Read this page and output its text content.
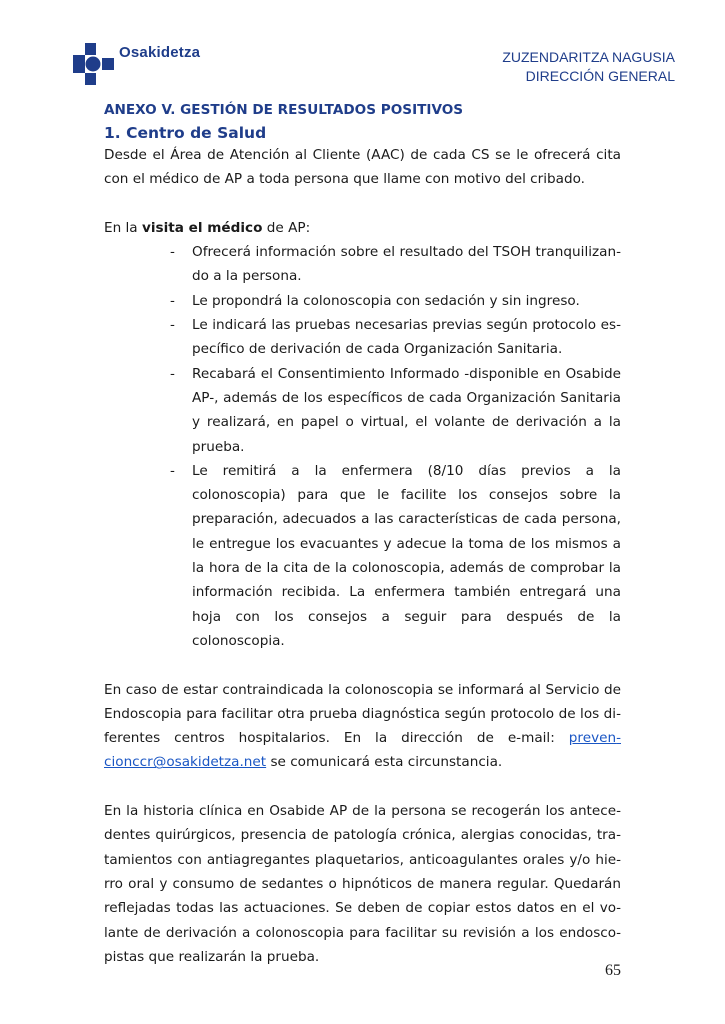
Osakidetza	ZUZENDARITZA NAGUSIA
DIRECCIÓN GENERAL
ANEXO V. GESTIÓN DE RESULTADOS POSITIVOS
1. Centro de Salud

Desde el Área de Atención al Cliente (AAC) de cada CS se le ofrecerá cita con el médico de AP a toda persona que llame con motivo del cribado.

En la visita el médico de AP:

- Ofrecerá información sobre el resultado del TSOH tranquilizando a la persona.
- Le propondrá la colonoscopia con sedación y sin ingreso.
- Le indicará las pruebas necesarias previas según protocolo específico de derivación de cada Organización Sanitaria.
- Recabará el Consentimiento Informado -disponible en Osabide AP-, además de los específicos de cada Organización Sanitaria y realizará, en papel o virtual, el volante de derivación a la prueba.
- Le remitirá a la enfermera (8/10 días previos a la colonoscopia) para que le facilite los consejos sobre la preparación, adecuados a las características de cada persona, le entregue los evacuantes y adecue la toma de los mismos a la hora de la cita de la colonoscopia, además de comprobar la información recibida. La enfermera también entregará una hoja con los consejos a seguir para después de la colonoscopia.

En caso de estar contraindicada la colonoscopia se informará al Servicio de Endoscopia para facilitar otra prueba diagnóstica según protocolo de los diferentes centros hospitalarios. En la dirección de e-mail: prevencionccr@osakidetza.net se comunicará esta circunstancia.

En la historia clínica en Osabide AP de la persona se recogerán los antecedentes quirúrgicos, presencia de patología crónica, alergias conocidas, tratamientos con antiagregantes plaquetarios, anticoagulantes orales y/o hierro oral y consumo de sedantes o hipnóticos de manera regular. Quedarán reflejadas todas las actuaciones. Se deben de copiar estos datos en el volante de derivación a colonoscopia para facilitar su revisión a los endoscopistas que realizarán la prueba.

65
